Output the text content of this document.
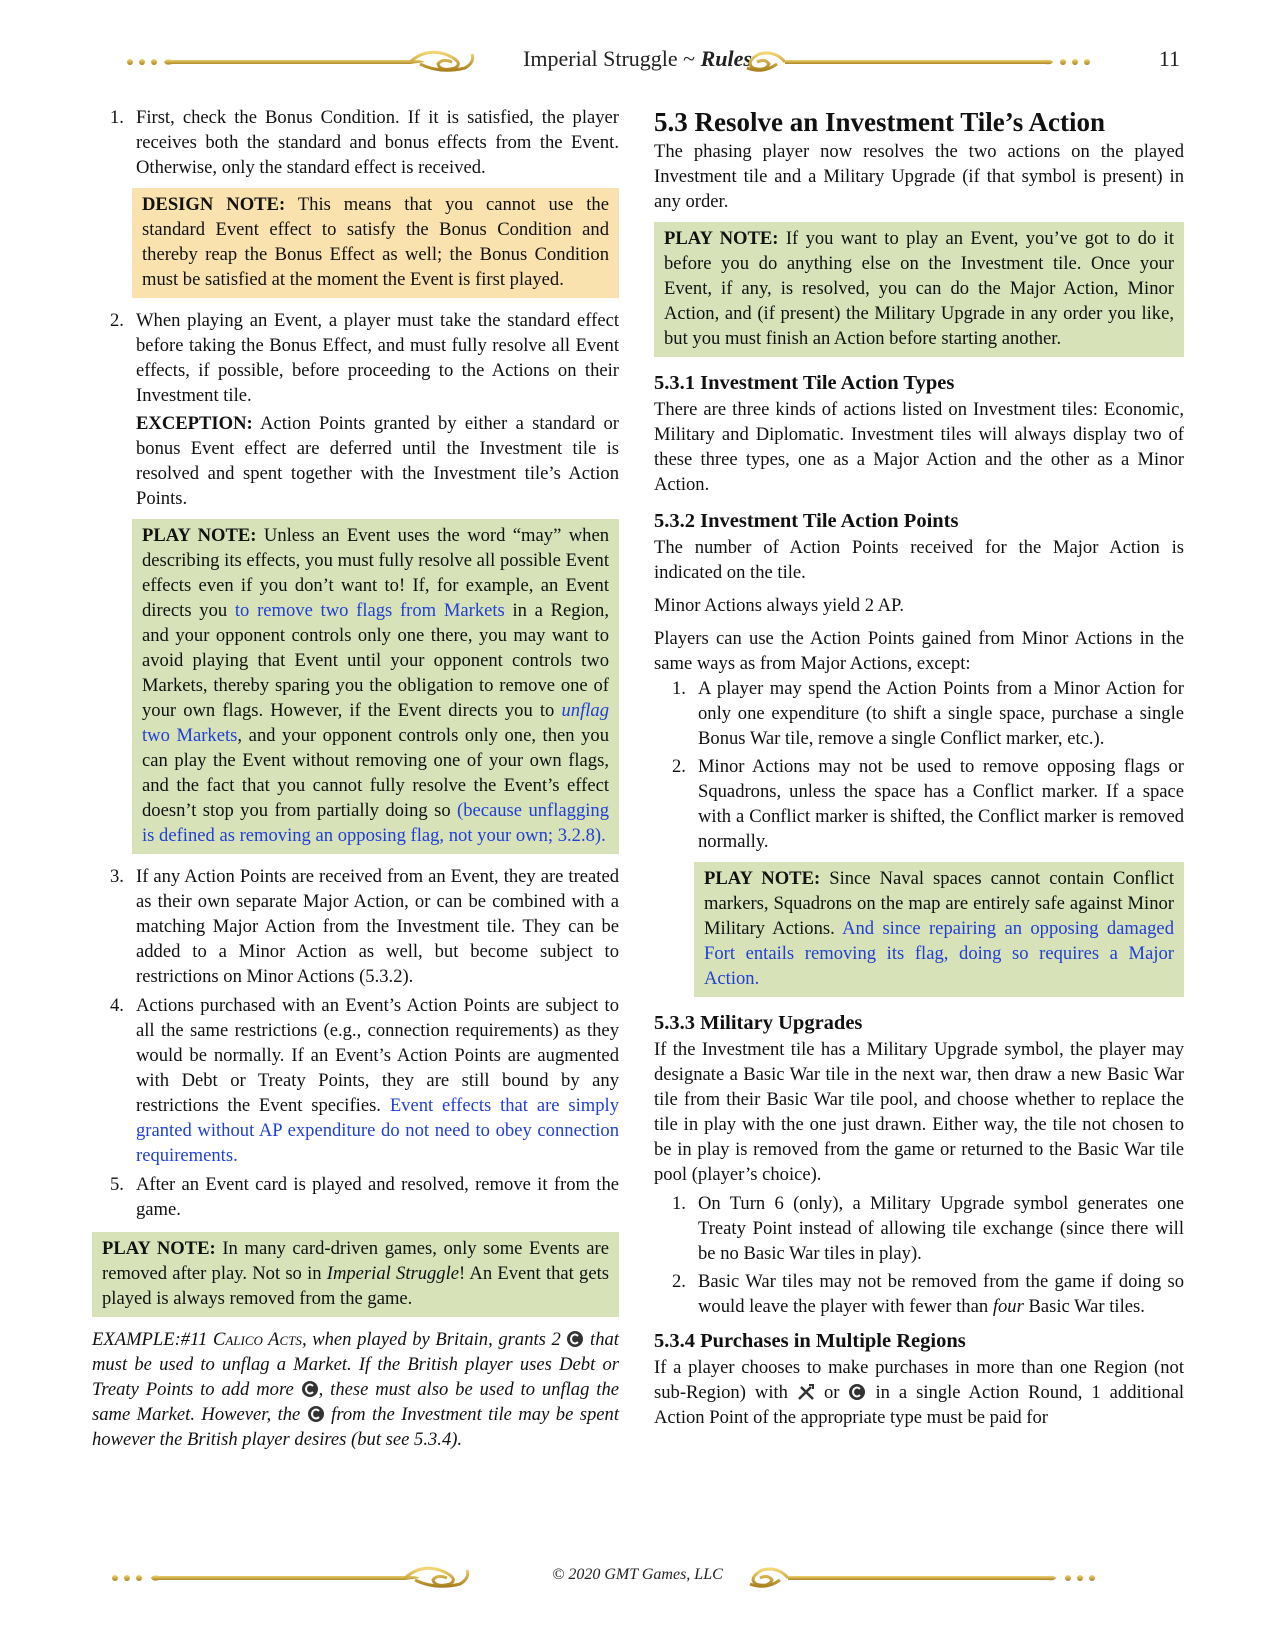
Imperial Struggle ~ Rules	11
1. First, check the Bonus Condition. If it is satisfied, the player receives both the standard and bonus effects from the Event. Otherwise, only the standard effect is received.
DESIGN NOTE: This means that you cannot use the standard Event effect to satisfy the Bonus Condition and thereby reap the Bonus Effect as well; the Bonus Condition must be satisfied at the moment the Event is first played.
2. When playing an Event, a player must take the standard effect before taking the Bonus Effect, and must fully resolve all Event effects, if possible, before proceeding to the Actions on their Investment tile.

EXCEPTION: Action Points granted by either a standard or bonus Event effect are deferred until the Investment tile is resolved and spent together with the Investment tile’s Action Points.

PLAY NOTE: Unless an Event uses the word “may” when describing its effects, you must fully resolve all possible Event effects even if you don’t want to! If, for example, an Event directs you to remove two flags from Markets in a Region, and your opponent controls only one there, you may want to avoid playing that Event until your opponent controls two Markets, thereby sparing you the obligation to remove one of your own flags. However, if the Event directs you to unflag two Markets, and your opponent controls only one, then you can play the Event without removing one of your own flags, and the fact that you cannot fully resolve the Event’s effect doesn’t stop you from partially doing so (because unflagging is defined as removing an opposing flag, not your own; 3.2.8).
3. If any Action Points are received from an Event, they are treated as their own separate Major Action, or can be combined with a matching Major Action from the Investment tile. They can be added to a Minor Action as well, but become subject to restrictions on Minor Actions (5.3.2).
4. Actions purchased with an Event’s Action Points are subject to all the same restrictions (e.g., connection requirements) as they would be normally. If an Event’s Action Points are augmented with Debt or Treaty Points, they are still bound by any restrictions the Event specifies. Event effects that are simply granted without AP expenditure do not need to obey connection requirements.
5. After an Event card is played and resolved, remove it from the game.
PLAY NOTE: In many card-driven games, only some Events are removed after play. Not so in Imperial Struggle! An Event that gets played is always removed from the game.

EXAMPLE:#11 Calico Acts, when played by Britain, grants 2  that must be used to unflag a Market. If the British player uses Debt or Treaty Points to add more , these must also be used to unflag the same Market. However, the  from the Investment tile may be spent however the British player desires (but see 5.3.4).

5.3 Resolve an Investment Tile’s Action

The phasing player now resolves the two actions on the played Investment tile and a Military Upgrade (if that symbol is present) in any order.

PLAY NOTE: If you want to play an Event, you’ve got to do it before you do anything else on the Investment tile. Once your Event, if any, is resolved, you can do the Major Action, Minor Action, and (if present) the Military Upgrade in any order you like, but you must finish an Action before starting another.
5.3.1 Investment Tile Action Types

There are three kinds of actions listed on Investment tiles: Economic, Military and Diplomatic. Investment tiles will always display two of these three types, one as a Major Action and the other as a Minor Action.

5.3.2 Investment Tile Action Points

The number of Action Points received for the Major Action is indicated on the tile.

Minor Actions always yield 2 AP.

Players can use the Action Points gained from Minor Actions in the same ways as from Major Actions, except:

1. A player may spend the Action Points from a Minor Action for only one expenditure (to shift a single space, purchase a single Bonus War tile, remove a single Conflict marker, etc.).
2. Minor Actions may not be used to remove opposing flags or Squadrons, unless the space has a Conflict marker. If a space with a Conflict marker is shifted, the Conflict marker is removed normally.
PLAY NOTE: Since Naval spaces cannot contain Conflict markers, Squadrons on the map are entirely safe against Minor Military Actions. And since repairing an opposing damaged Fort entails removing its flag, doing so requires a Major Action.
5.3.3 Military Upgrades

If the Investment tile has a Military Upgrade symbol, the player may designate a Basic War tile in the next war, then draw a new Basic War tile from their Basic War tile pool, and choose whether to replace the tile in play with the one just drawn. Either way, the tile not chosen to be in play is removed from the game or returned to the Basic War tile pool (player’s choice).

1. On Turn 6 (only), a Military Upgrade symbol generates one Treaty Point instead of allowing tile exchange (since there will be no Basic War tiles in play).
2. Basic War tiles may not be removed from the game if doing so would leave the player with fewer than four Basic War tiles.
5.3.4 Purchases in Multiple Regions

If a player chooses to make purchases in more than one Region (not sub-Region) with  or  in a single Action Round, 1 additional Action Point of the appropriate type must be paid for

© 2020 GMT Games, LLC
